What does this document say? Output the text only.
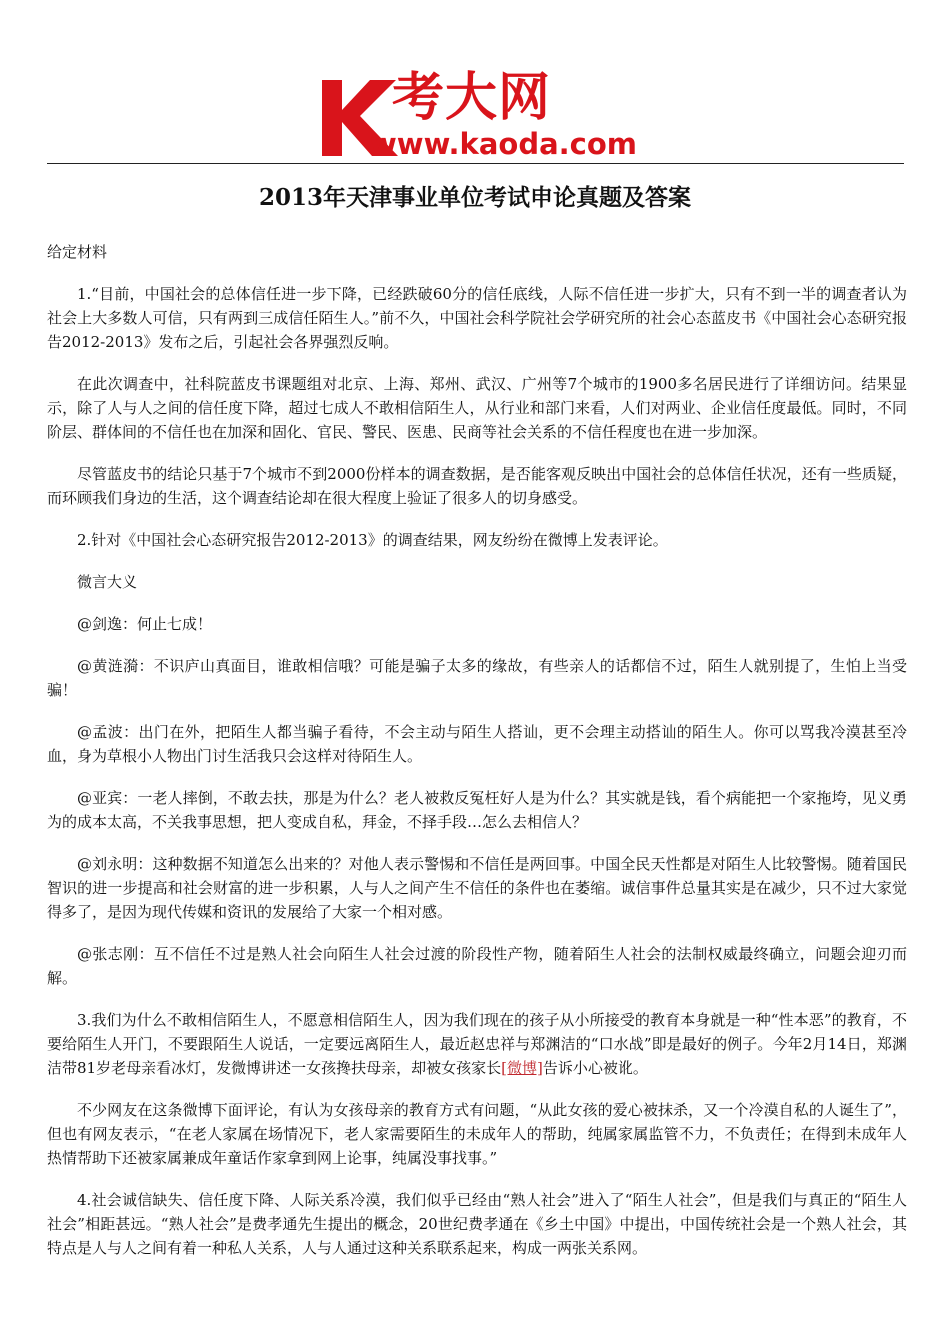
考大网
www.kaoda.com
2013年天津事业单位考试申论真题及答案

给定材料

1.“目前，中国社会的总体信任进一步下降，已经跌破60分的信任底线，人际不信任进一步扩大，只有不到一半的调查者认为社会上大多数人可信，只有两到三成信任陌生人。”前不久，中国社会科学院社会学研究所的社会心态蓝皮书《中国社会心态研究报告2012-2013》发布之后，引起社会各界强烈反响。

在此次调查中，社科院蓝皮书课题组对北京、上海、郑州、武汉、广州等7个城市的1900多名居民进行了详细访问。结果显示，除了人与人之间的信任度下降，超过七成人不敢相信陌生人，从行业和部门来看，人们对两业、企业信任度最低。同时，不同阶层、群体间的不信任也在加深和固化、官民、警民、医患、民商等社会关系的不信任程度也在进一步加深。

尽管蓝皮书的结论只基于7个城市不到2000份样本的调查数据，是否能客观反映出中国社会的总体信任状况，还有一些质疑，而环顾我们身边的生活，这个调查结论却在很大程度上验证了很多人的切身感受。

2.针对《中国社会心态研究报告2012-2013》的调查结果，网友纷纷在微博上发表评论。

微言大义

@剑逸：何止七成！

@黄涟漪：不识庐山真面目，谁敢相信哦？可能是骗子太多的缘故，有些亲人的话都信不过，陌生人就别提了，生怕上当受骗！

@孟波：出门在外，把陌生人都当骗子看待，不会主动与陌生人搭讪，更不会理主动搭讪的陌生人。你可以骂我冷漠甚至冷血，身为草根小人物出门讨生活我只会这样对待陌生人。

@亚宾：一老人摔倒，不敢去扶，那是为什么？老人被救反冤枉好人是为什么？其实就是钱，看个病能把一个家拖垮，见义勇为的成本太高，不关我事思想，把人变成自私，拜金，不择手段…怎么去相信人？

@刘永明：这种数据不知道怎么出来的？对他人表示警惕和不信任是两回事。中国全民天性都是对陌生人比较警惕。随着国民智识的进一步提高和社会财富的进一步积累，人与人之间产生不信任的条件也在萎缩。诚信事件总量其实是在减少，只不过大家觉得多了，是因为现代传媒和资讯的发展给了大家一个相对感。

@张志刚：互不信任不过是熟人社会向陌生人社会过渡的阶段性产物，随着陌生人社会的法制权威最终确立，问题会迎刃而解。

3.我们为什么不敢相信陌生人，不愿意相信陌生人，因为我们现在的孩子从小所接受的教育本身就是一种“性本恶”的教育，不要给陌生人开门，不要跟陌生人说话，一定要远离陌生人，最近赵忠祥与郑渊洁的“口水战”即是最好的例子。今年2月14日，郑渊洁带81岁老母亲看冰灯，发微博讲述一女孩搀扶母亲，却被女孩家长[微博]告诉小心被讹。

不少网友在这条微博下面评论，有认为女孩母亲的教育方式有问题，“从此女孩的爱心被抹杀，又一个冷漠自私的人诞生了”，但也有网友表示，“在老人家属在场情况下，老人家需要陌生的未成年人的帮助，纯属家属监管不力，不负责任；在得到未成年人热情帮助下还被家属兼成年童话作家拿到网上论事，纯属没事找事。”

4.社会诚信缺失、信任度下降、人际关系冷漠，我们似乎已经由“熟人社会”进入了“陌生人社会”，但是我们与真正的“陌生人社会”相距甚远。“熟人社会”是费孝通先生提出的概念，20世纪费孝通在《乡土中国》中提出，中国传统社会是一个熟人社会，其特点是人与人之间有着一种私人关系，人与人通过这种关系联系起来，构成一两张关系网。
